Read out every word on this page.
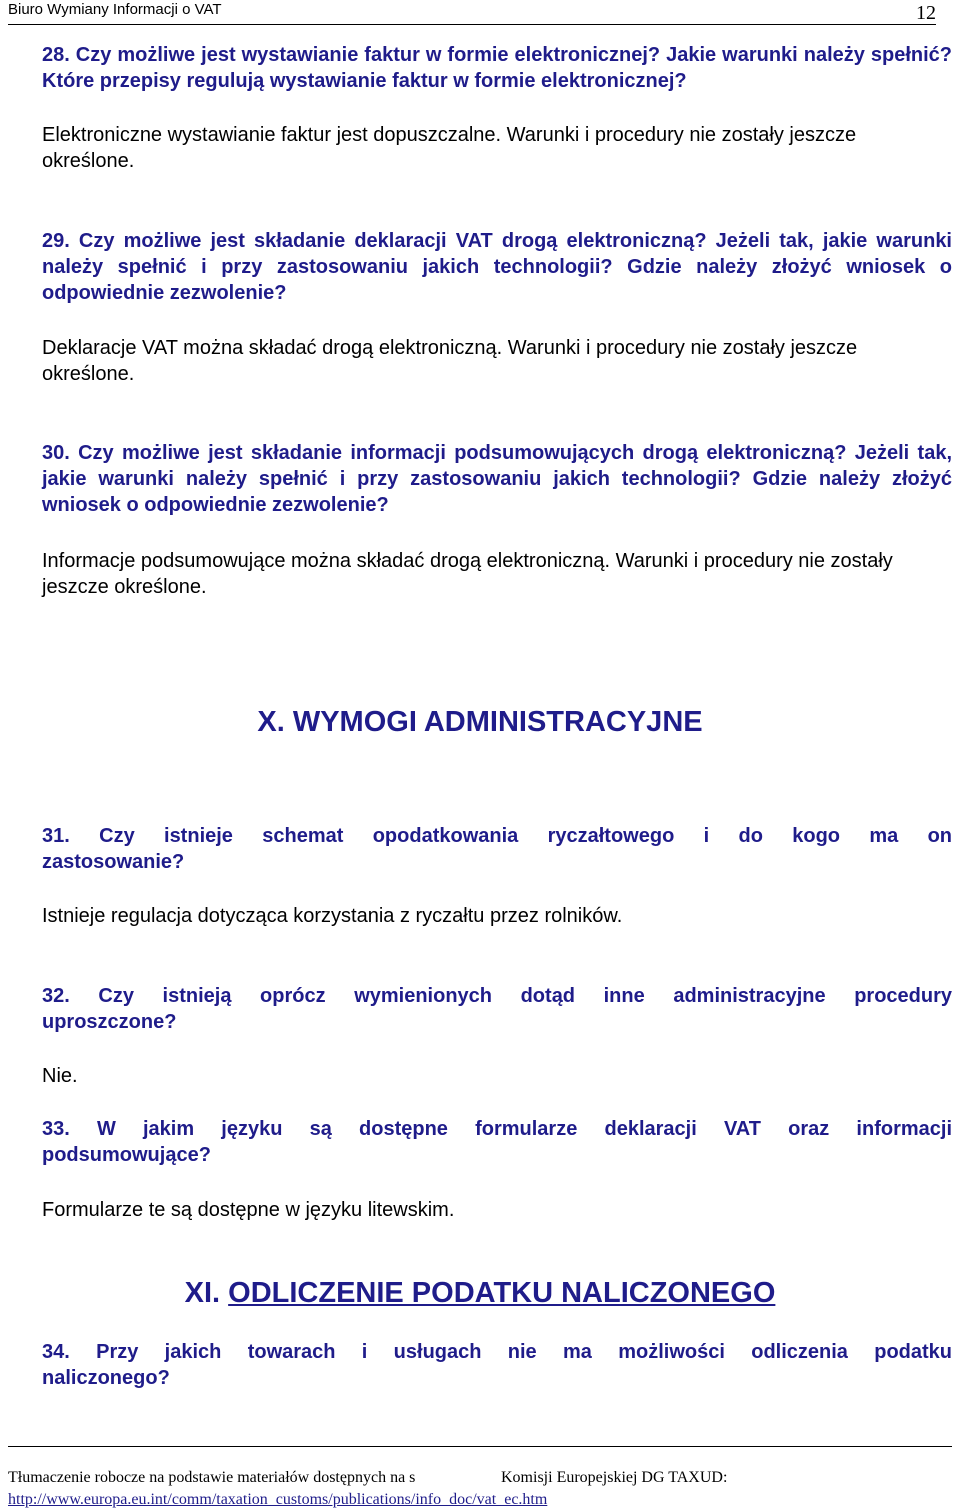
Biuro Wymiany Informacji o VAT	12

28. Czy możliwe jest wystawianie faktur w formie elektronicznej? Jakie warunki należy spełnić? Które przepisy regulują wystawianie faktur w formie elektronicznej?

Elektroniczne wystawianie faktur jest dopuszczalne. Warunki i procedury nie zostały jeszcze określone.

29. Czy możliwe jest składanie deklaracji VAT drogą elektroniczną? Jeżeli tak, jakie warunki należy spełnić i przy zastosowaniu jakich technologii? Gdzie należy złożyć wniosek o odpowiednie zezwolenie?

Deklaracje VAT można składać drogą elektroniczną. Warunki i procedury nie zostały jeszcze określone.

30. Czy możliwe jest składanie informacji podsumowujących drogą elektroniczną? Jeżeli tak, jakie warunki należy spełnić i przy zastosowaniu jakich technologii? Gdzie należy złożyć wniosek o odpowiednie zezwolenie?

Informacje podsumowujące można składać drogą elektroniczną. Warunki i procedury nie zostały jeszcze określone.

X. WYMOGI ADMINISTRACYJNE
31. Czy istnieje schemat opodatkowania ryczałtowego i do kogo ma on
zastosowanie?

Istnieje regulacja dotycząca korzystania z ryczałtu przez rolników.

32. Czy istnieją oprócz wymienionych dotąd inne administracyjne procedury
uproszczone?

Nie.

33. W jakim języku są dostępne formularze deklaracji VAT oraz informacji
podsumowujące?

Formularze te są dostępne w języku litewskim.

XI. ODLICZENIE PODATKU NALICZONEGO
34. Przy jakich towarach i usługach nie ma możliwości odliczenia podatku
naliczonego?
Tłumaczenie robocze na podstawie materiałów dostępnych na s	Komisji Europejskiej DG TAXUD:
http://www.europa.eu.int/comm/taxation_customs/publications/info_doc/vat_ec.htm
